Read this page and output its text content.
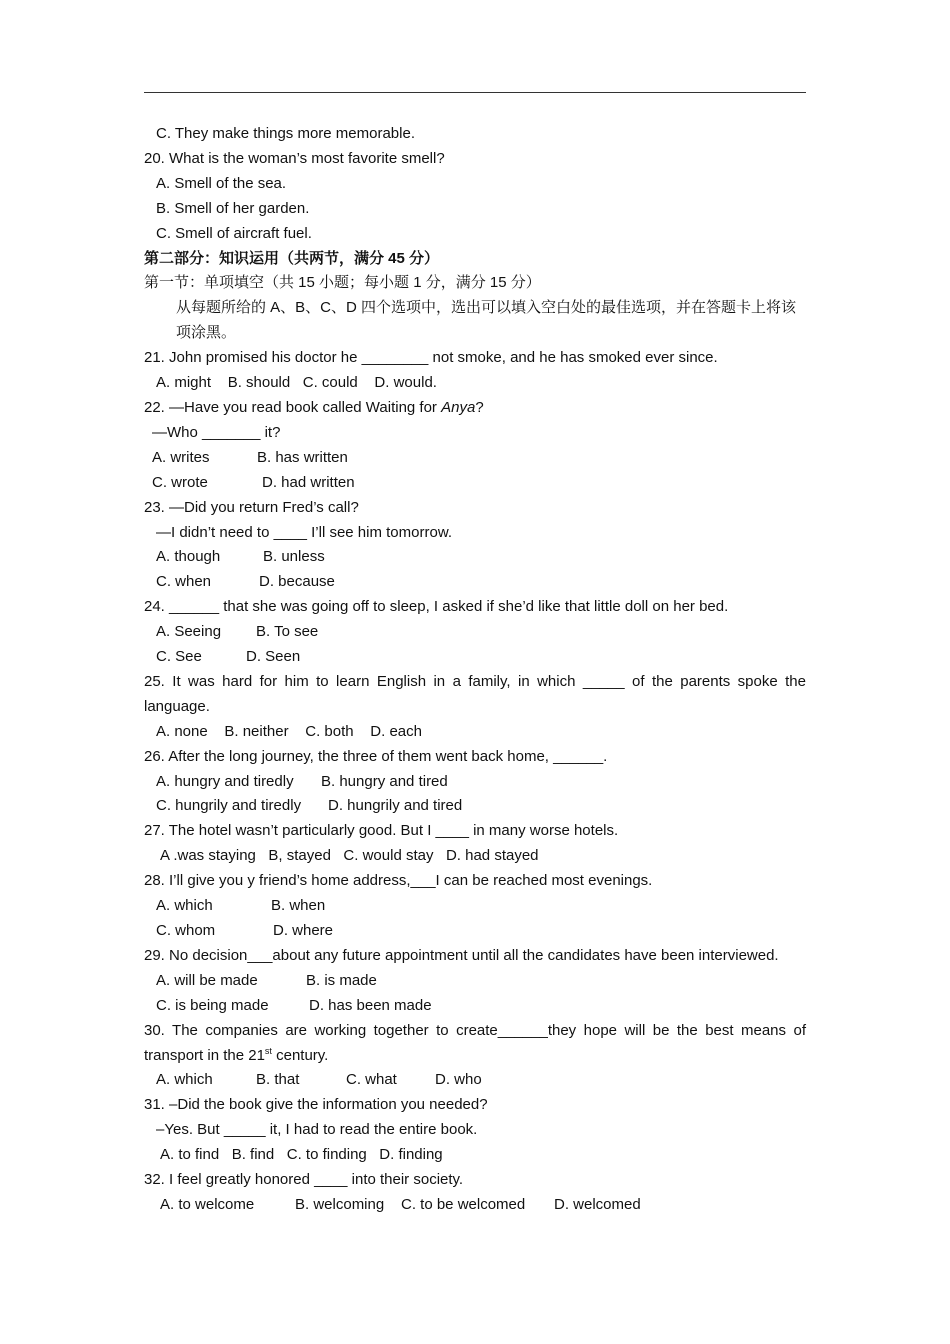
C. They make things more memorable.

20. What is the woman’s most favorite smell?

A. Smell of the sea.

B. Smell of her garden.

C. Smell of aircraft fuel.

第二部分：知识运用（共两节，满分 45 分）

第一节：单项填空（共 15 小题；每小题 1 分，满分 15 分）

从每题所给的 A、B、C、D 四个选项中，选出可以填入空白处的最佳选项，并在答题卡上将该项涂黑。

21. John promised his doctor he ________ not smoke, and he has smoked ever since.

A. might    B. should   C. could    D. would.

22. —Have you read book called Waiting for Anya?

—Who _______ it?

A. writes	B. has written

C. wrote	D. had written

23. —Did you return Fred’s call?

—I didn’t need to ____ I’ll see him tomorrow.

A. though	B. unless

C. when	D. because

24. ______ that she was going off to sleep, I asked if she’d like that little doll on her bed.

A. Seeing B. To see

C. See	D. Seen

25. It was hard for him to learn English in a family, in which _____ of the parents spoke the

language.

A. none    B. neither    C. both    D. each

26. After the long journey, the three of them went back home, ______.

A. hungry and tiredly B. hungry and tired

C. hungrily and tiredly D. hungrily and tired

27. The hotel wasn’t particularly good. But I ____ in many worse hotels.

A .was staying   B, stayed   C. would stay   D. had stayed

28. I’ll give you y friend’s home address,___I can be reached most evenings.

A. which	B. when

C. whom	D. where

29. No decision___about any future appointment until all the candidates have been interviewed.

A. will be made	B. is made

C. is being made	D. has been made

30. The companies are working together to create______they hope will be the best means of

transport in the 21st century.

A. which	B. that	C. what	D. who

31. –Did the book give the information you needed?

–Yes. But _____ it, I had to read the entire book.

A. to find   B. find   C. to finding   D. finding

32. I feel greatly honored ____ into their society.

A. to welcome	B. welcoming C. to be welcomed D. welcomed
